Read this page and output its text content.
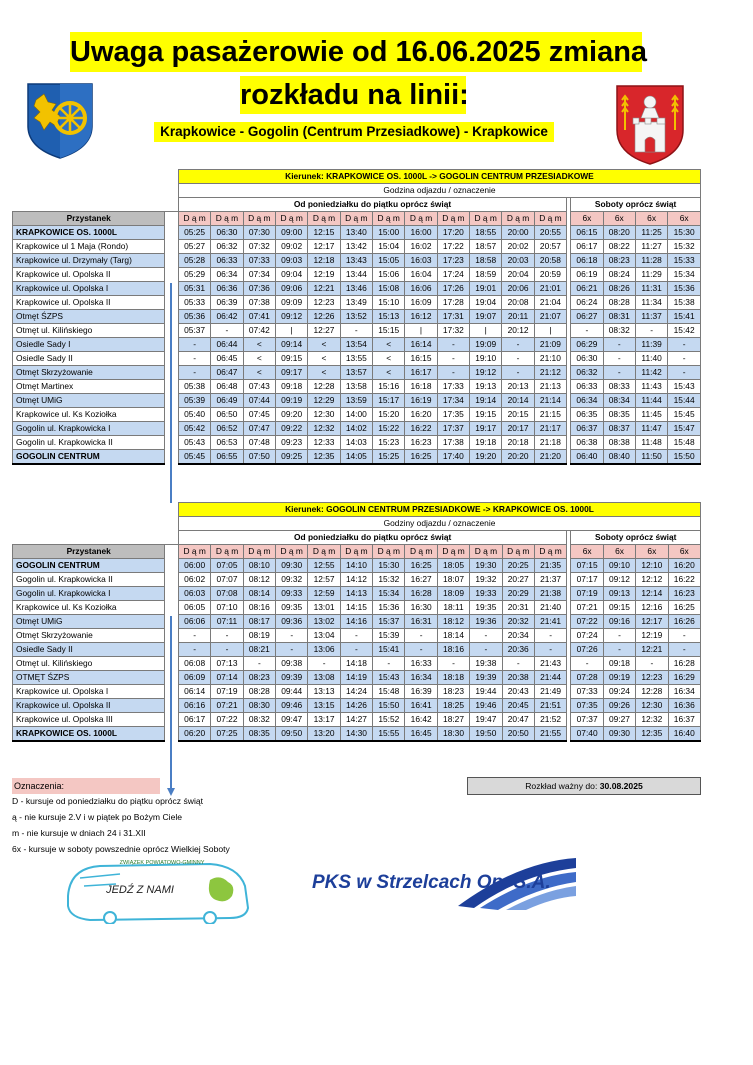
Uwaga pasażerowie od 16.06.2025 zmiana
rozkładu na linii:
Krapkowice - Gogolin (Centrum Przesiadkowe) - Krapkowice
		Kierunek: KRAPKOWICE OS. 1000L -> GOGOLIN CENTRUM PRZESIADKOWE																
		Godzina odjazdu / oznaczenie																
		Od poniedziałku do piątku oprócz świąt													Soboty oprócz świąt			
Przystanek		D ą m	D ą m	D ą m	D ą m	D ą m	D ą m	D ą m	D ą m	D ą m	D ą m	D ą m	D ą m		6x	6x	6x	6x
KRAPKOWICE OS. 1000L		05:25	06:30	07:30	09:00	12:15	13:40	15:00	16:00	17:20	18:55	20:00	20:55		06:15	08:20	11:25	15:30
Krapkowice ul 1 Maja (Rondo)		05:27	06:32	07:32	09:02	12:17	13:42	15:04	16:02	17:22	18:57	20:02	20:57		06:17	08:22	11:27	15:32
Krapkowice ul. Drzymały (Targ)		05:28	06:33	07:33	09:03	12:18	13:43	15:05	16:03	17:23	18:58	20:03	20:58		06:18	08:23	11:28	15:33
Krapkowice ul. Opolska II		05:29	06:34	07:34	09:04	12:19	13:44	15:06	16:04	17:24	18:59	20:04	20:59		06:19	08:24	11:29	15:34
Krapkowice ul. Opolska I		05:31	06:36	07:36	09:06	12:21	13:46	15:08	16:06	17:26	19:01	20:06	21:01		06:21	08:26	11:31	15:36
Krapkowice ul. Opolska II		05:33	06:39	07:38	09:09	12:23	13:49	15:10	16:09	17:28	19:04	20:08	21:04		06:24	08:28	11:34	15:38
Otmęt ŚZPS		05:36	06:42	07:41	09:12	12:26	13:52	15:13	16:12	17:31	19:07	20:11	21:07		06:27	08:31	11:37	15:41
Otmęt ul. Kilińskiego		05:37	-	07:42	|	12:27	-	15:15	|	17:32	|	20:12	|		-	08:32	-	15:42
Osiedle Sady I		-	06:44	<	09:14	<	13:54	<	16:14	-	19:09	-	21:09		06:29	-	11:39	-
Osiedle Sady II		-	06:45	<	09:15	<	13:55	<	16:15	-	19:10	-	21:10		06:30	-	11:40	-
Otmęt Skrzyżowanie		-	06:47	<	09:17	<	13:57	<	16:17	-	19:12	-	21:12		06:32	-	11:42	-
Otmęt Martinex		05:38	06:48	07:43	09:18	12:28	13:58	15:16	16:18	17:33	19:13	20:13	21:13		06:33	08:33	11:43	15:43
Otmęt UMiG		05:39	06:49	07:44	09:19	12:29	13:59	15:17	16:19	17:34	19:14	20:14	21:14		06:34	08:34	11:44	15:44
Krapkowice ul. Ks Koziołka		05:40	06:50	07:45	09:20	12:30	14:00	15:20	16:20	17:35	19:15	20:15	21:15		06:35	08:35	11:45	15:45
Gogolin ul. Krapkowicka I		05:42	06:52	07:47	09:22	12:32	14:02	15:22	16:22	17:37	19:17	20:17	21:17		06:37	08:37	11:47	15:47
Gogolin ul. Krapkowicka II		05:43	06:53	07:48	09:23	12:33	14:03	15:23	16:23	17:38	19:18	20:18	21:18		06:38	08:38	11:48	15:48
GOGOLIN CENTRUM		05:45	06:55	07:50	09:25	12:35	14:05	15:25	16:25	17:40	19:20	20:20	21:20		06:40	08:40	11:50	15:50
		Kierunek: GOGOLIN CENTRUM PRZESIADKOWE -> KRAPKOWICE OS. 1000L																
		Godziny odjazdu / oznaczenie																
		Od poniedziałku do piątku oprócz świąt													Soboty oprócz świąt			
Przystanek		D ą m	D ą m	D ą m	D ą m	D ą m	D ą m	D ą m	D ą m	D ą m	D ą m	D ą m	D ą m		6x	6x	6x	6x
GOGOLIN CENTRUM		06:00	07:05	08:10	09:30	12:55	14:10	15:30	16:25	18:05	19:30	20:25	21:35		07:15	09:10	12:10	16:20
Gogolin ul. Krapkowicka II		06:02	07:07	08:12	09:32	12:57	14:12	15:32	16:27	18:07	19:32	20:27	21:37		07:17	09:12	12:12	16:22
Gogolin ul. Krapkowicka I		06:03	07:08	08:14	09:33	12:59	14:13	15:34	16:28	18:09	19:33	20:29	21:38		07:19	09:13	12:14	16:23
Krapkowice ul. Ks Koziołka		06:05	07:10	08:16	09:35	13:01	14:15	15:36	16:30	18:11	19:35	20:31	21:40		07:21	09:15	12:16	16:25
Otmęt UMiG		06:06	07:11	08:17	09:36	13:02	14:16	15:37	16:31	18:12	19:36	20:32	21:41		07:22	09:16	12:17	16:26
Otmęt Skrzyżowanie		-	-	08:19	-	13:04	-	15:39	-	18:14	-	20:34	-		07:24	-	12:19	-
Osiedle Sady II		-	-	08:21	-	13:06	-	15:41	-	18:16	-	20:36	-		07:26	-	12:21	-
Otmęt ul. Kilińskiego		06:08	07:13	-	09:38	-	14:18	-	16:33	-	19:38	-	21:43		-	09:18	-	16:28
OTMĘT ŚZPS		06:09	07:14	08:23	09:39	13:08	14:19	15:43	16:34	18:18	19:39	20:38	21:44		07:28	09:19	12:23	16:29
Krapkowice ul. Opolska I		06:14	07:19	08:28	09:44	13:13	14:24	15:48	16:39	18:23	19:44	20:43	21:49		07:33	09:24	12:28	16:34
Krapkowice ul. Opolska II		06:16	07:21	08:30	09:46	13:15	14:26	15:50	16:41	18:25	19:46	20:45	21:51		07:35	09:26	12:30	16:36
Krapkowice ul. Opolska III		06:17	07:22	08:32	09:47	13:17	14:27	15:52	16:42	18:27	19:47	20:47	21:52		07:37	09:27	12:32	16:37
KRAPKOWICE OS. 1000L		06:20	07:25	08:35	09:50	13:20	14:30	15:55	16:45	18:30	19:50	20:50	21:55		07:40	09:30	12:35	16:40
Oznaczenia:
D - kursuje od poniedziałku do piątku oprócz świąt
ą - nie kursuje 2.V i w piątek po Bożym Ciele
m - nie kursuje w dniach 24 i 31.XII
6x - kursuje w soboty powszednie oprócz Wielkiej Soboty
Rozkład ważny do: 30.08.2025
ZWIĄZEK POWIATOWO-GMINNY
JEDŹ Z NAMI	PKS w Strzelcach Op. S.A.
